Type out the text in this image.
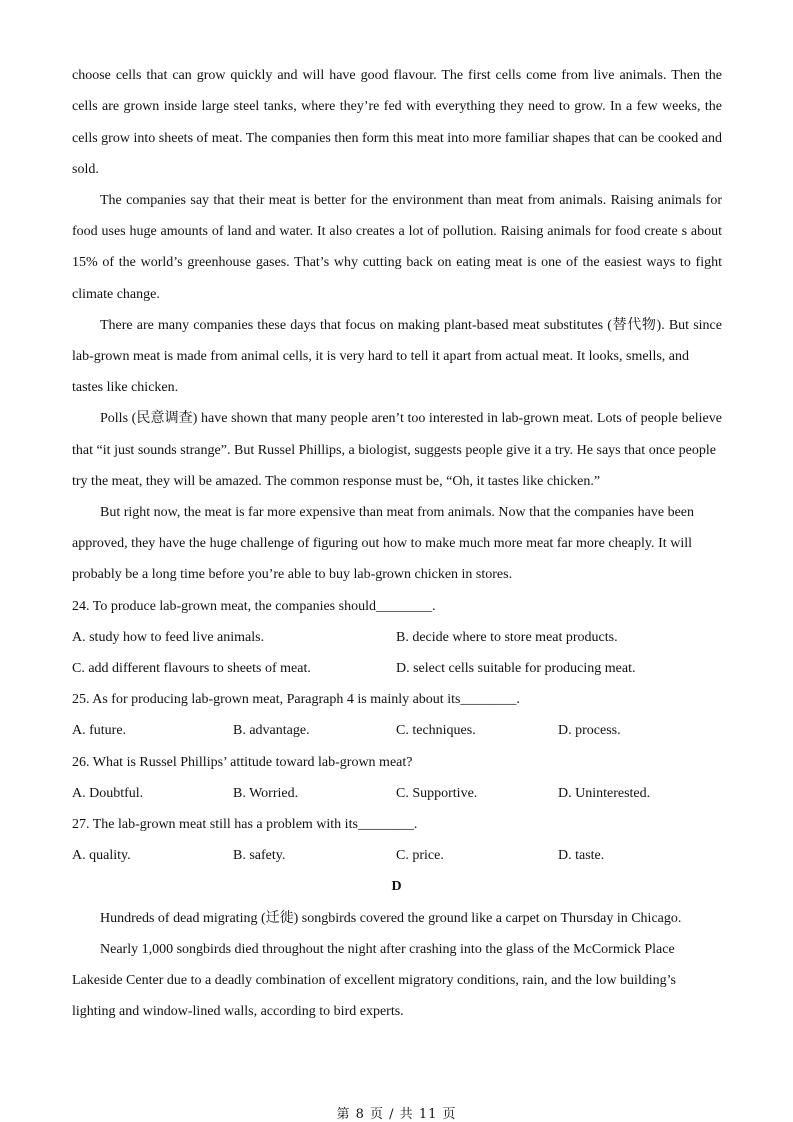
choose cells that can grow quickly and will have good flavour. The first cells come from live animals. Then the
cells are grown inside large steel tanks, where they’re fed with everything they need to grow. In a few weeks, the
cells grow into sheets of meat. The companies then form this meat into more familiar shapes that can be cooked and
sold.
The companies say that their meat is better for the environment than meat from animals. Raising animals for
food uses huge amounts of land and water. It also creates a lot of pollution. Raising animals for food create s about
15% of the world’s greenhouse gases. That’s why cutting back on eating meat is one of the easiest ways to fight
climate change.
There are many companies these days that focus on making plant-based meat substitutes (替代物). But since
lab-grown meat is made from animal cells, it is very hard to tell it apart from actual meat. It looks, smells, and
tastes like chicken.
Polls (民意调查) have shown that many people aren’t too interested in lab-grown meat. Lots of people believe
that “it just sounds strange”. But Russel Phillips, a biologist, suggests people give it a try. He says that once people
try the meat, they will be amazed. The common response must be, “Oh, it tastes like chicken.”
But right now, the meat is far more expensive than meat from animals. Now that the companies have been
approved, they have the huge challenge of figuring out how to make much more meat far more cheaply. It will
probably be a long time before you’re able to buy lab-grown chicken in stores.
24. To produce lab-grown meat, the companies should________.
A. study how to feed live animals.	B. decide where to store meat products.
C. add different flavours to sheets of meat.	D. select cells suitable for producing meat.
25. As for producing lab-grown meat, Paragraph 4 is mainly about its________.
A. future.	B. advantage.	C. techniques.	D. process.
26. What is Russel Phillips’ attitude toward lab-grown meat?
A. Doubtful.	B. Worried.	C. Supportive.	D. Uninterested.
27. The lab-grown meat still has a problem with its________.
A. quality.	B. safety.	C. price.	D. taste.
D
Hundreds of dead migrating (迁徙) songbirds covered the ground like a carpet on Thursday in Chicago.
Nearly 1,000 songbirds died throughout the night after crashing into the glass of the McCormick Place
Lakeside Center due to a deadly combination of excellent migratory conditions, rain, and the low building’s
lighting and window-lined walls, according to bird experts.
第 8 页 / 共 11 页
